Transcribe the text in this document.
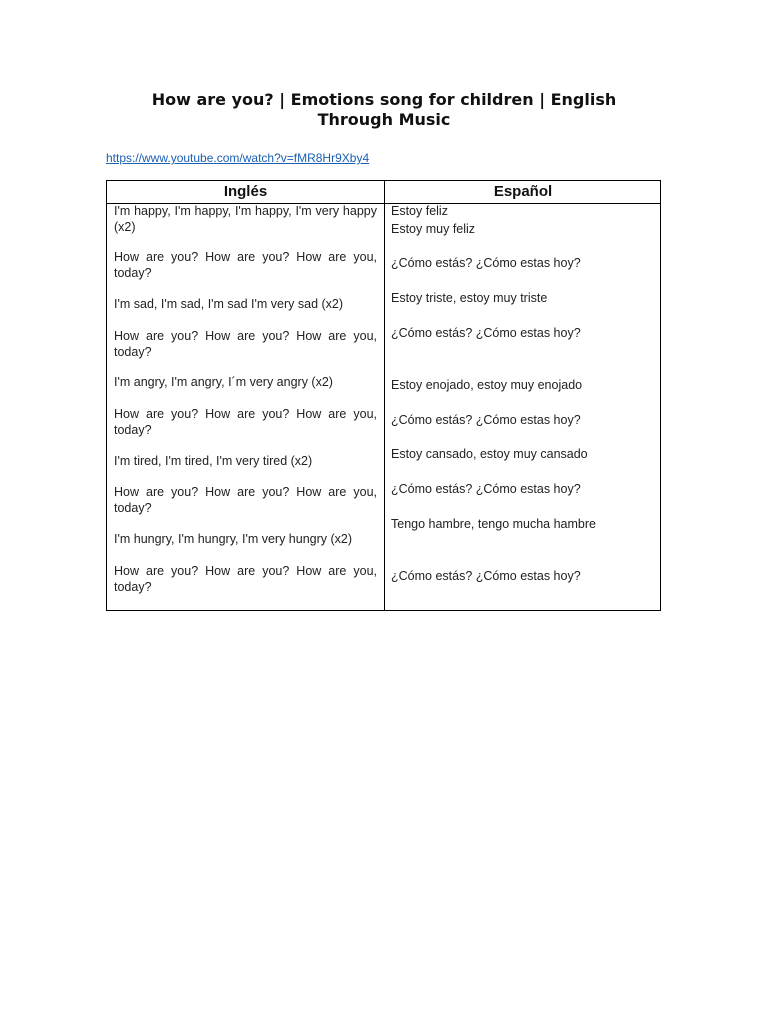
How are you? | Emotions song for children | English Through Music
https://www.youtube.com/watch?v=fMR8Hr9Xby4
Inglés	Español
I'm happy, I'm happy, I'm happy, I'm very happy (x2)
How are you? How are you? How are you, today?
I'm sad, I'm sad, I'm sad I'm very sad (x2)
How are you? How are you? How are you, today?
I'm angry, I'm angry, I´m very angry (x2)
How are you? How are you? How are you, today?
I'm tired, I'm tired, I'm very tired (x2)
How are you? How are you? How are you, today?
I'm hungry, I'm hungry, I'm very hungry (x2)
How are you? How are you? How are you, today?
Estoy feliz
Estoy muy feliz
¿Cómo estás? ¿Cómo estas hoy?
Estoy triste, estoy muy triste
¿Cómo estás? ¿Cómo estas hoy?
Estoy enojado, estoy muy enojado
¿Cómo estás? ¿Cómo estas hoy?
Estoy cansado, estoy muy cansado
¿Cómo estás? ¿Cómo estas hoy?
Tengo hambre, tengo mucha hambre
¿Cómo estás? ¿Cómo estas hoy?
